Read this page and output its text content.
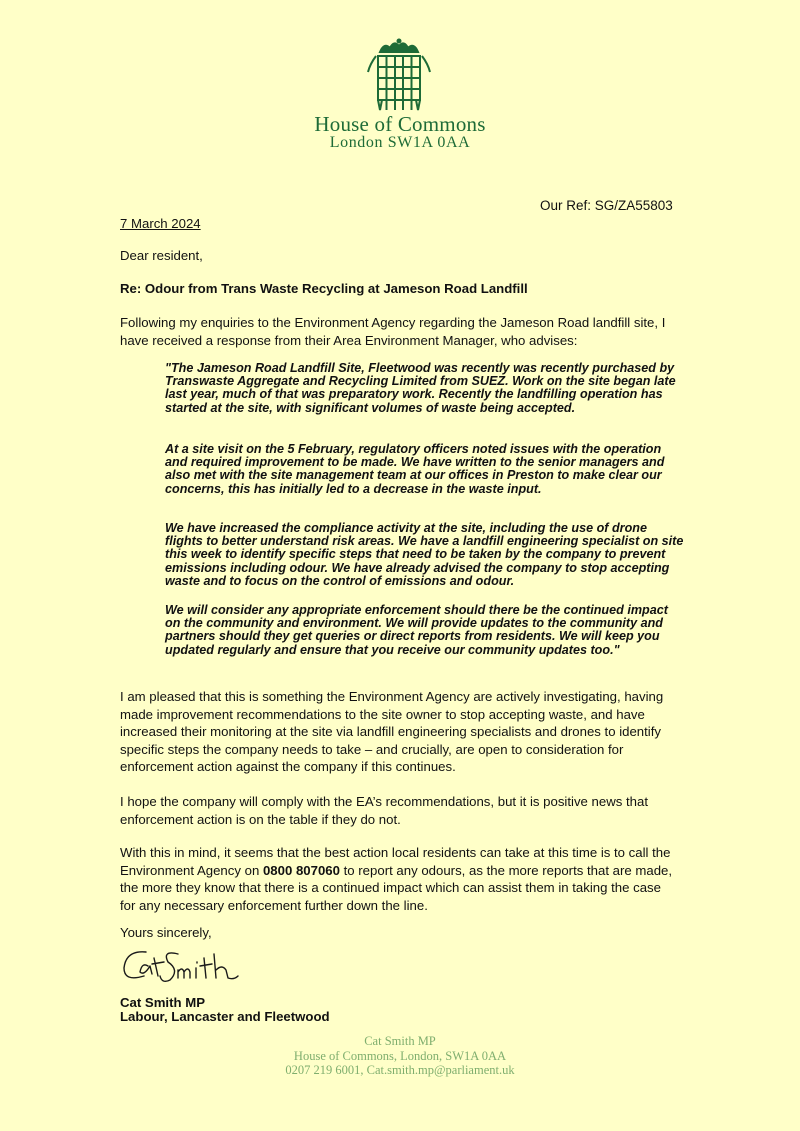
House of Commons
London SW1A 0AA
Our Ref: SG/ZA55803
7 March 2024
Dear resident,
Re: Odour from Trans Waste Recycling at Jameson Road Landfill
Following my enquiries to the Environment Agency regarding the Jameson Road landfill site, I have received a response from their Area Environment Manager, who advises:
"The Jameson Road Landfill Site, Fleetwood was recently was recently purchased by Transwaste Aggregate and Recycling Limited from SUEZ. Work on the site began late last year, much of that was preparatory work. Recently the landfilling operation has started at the site, with significant volumes of waste being accepted.
At a site visit on the 5 February, regulatory officers noted issues with the operation and required improvement to be made. We have written to the senior managers and also met with the site management team at our offices in Preston to make clear our concerns, this has initially led to a decrease in the waste input.
We have increased the compliance activity at the site, including the use of drone flights to better understand risk areas. We have a landfill engineering specialist on site this week to identify specific steps that need to be taken by the company to prevent emissions including odour. We have already advised the company to stop accepting waste and to focus on the control of emissions and odour.
We will consider any appropriate enforcement should there be the continued impact on the community and environment. We will provide updates to the community and partners should they get queries or direct reports from residents. We will keep you updated regularly and ensure that you receive our community updates too."
I am pleased that this is something the Environment Agency are actively investigating, having made improvement recommendations to the site owner to stop accepting waste, and have increased their monitoring at the site via landfill engineering specialists and drones to identify specific steps the company needs to take – and crucially, are open to consideration for enforcement action against the company if this continues.
I hope the company will comply with the EA’s recommendations, but it is positive news that enforcement action is on the table if they do not.
With this in mind, it seems that the best action local residents can take at this time is to call the Environment Agency on 0800 807060 to report any odours, as the more reports that are made, the more they know that there is a continued impact which can assist them in taking the case for any necessary enforcement further down the line.
Yours sincerely,
Cat Smith MP
Labour, Lancaster and Fleetwood
Cat Smith MP
House of Commons, London, SW1A 0AA
0207 219 6001, Cat.smith.mp@parliament.uk
